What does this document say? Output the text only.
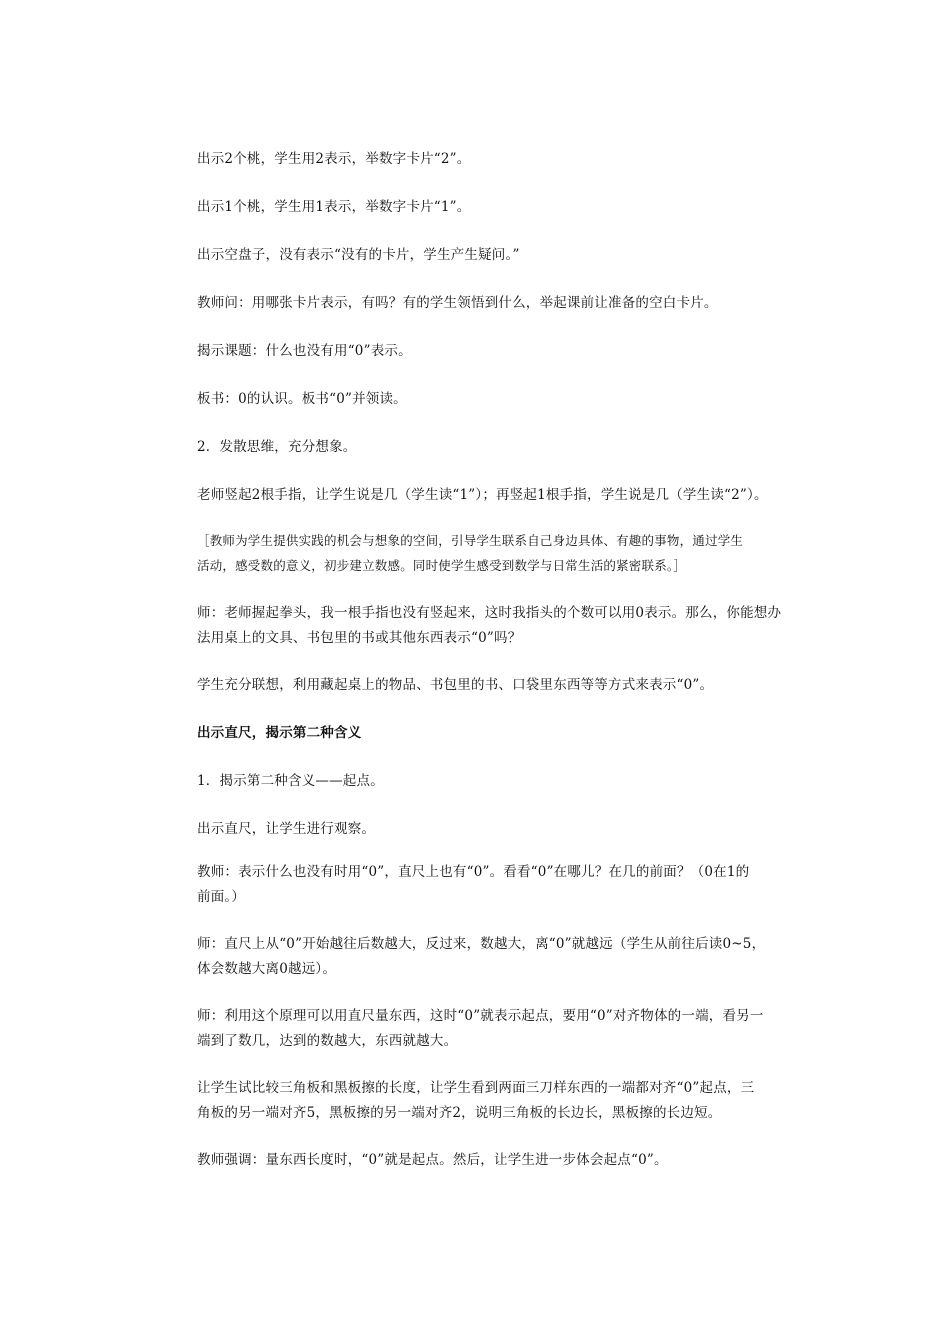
出示2个桃，学生用2表示，举数字卡片“2”。
出示1个桃，学生用1表示，举数字卡片“1”。
出示空盘子，没有表示“没有的卡片，学生产生疑问。”
教师问：用哪张卡片表示，有吗？有的学生领悟到什么，举起课前让准备的空白卡片。
揭示课题：什么也没有用“0”表示。
板书：0的认识。板书“0”并领读。
2．发散思维，充分想象。
老师竖起2根手指，让学生说是几（学生读“1”）；再竖起1根手指，学生说是几（学生读“2”）。
［教师为学生提供实践的机会与想象的空间，引导学生联系自己身边具体、有趣的事物，通过学生
活动，感受数的意义，初步建立数感。同时使学生感受到数学与日常生活的紧密联系。］
师：老师握起拳头，我一根手指也没有竖起来，这时我指头的个数可以用0表示。那么，你能想办
法用桌上的文具、书包里的书或其他东西表示“0”吗？
学生充分联想，利用藏起桌上的物品、书包里的书、口袋里东西等等方式来表示“0”。
出示直尺，揭示第二种含义
1．揭示第二种含义——起点。
出示直尺，让学生进行观察。
教师：表示什么也没有时用“0”，直尺上也有“0”。看看“0”在哪儿？在几的前面？（0在1的
前面。）
师：直尺上从“0”开始越往后数越大，反过来，数越大，离“0”就越远（学生从前往后读0~5，
体会数越大离0越远）。
师：利用这个原理可以用直尺量东西，这时“0”就表示起点，要用“0”对齐物体的一端，看另一
端到了数几，达到的数越大，东西就越大。
让学生试比较三角板和黑板擦的长度，让学生看到两面三刀样东西的一端都对齐“0”起点，三
角板的另一端对齐5，黑板擦的另一端对齐2，说明三角板的长边长，黑板擦的长边短。
教师强调：量东西长度时，“0”就是起点。然后，让学生进一步体会起点“0”。
